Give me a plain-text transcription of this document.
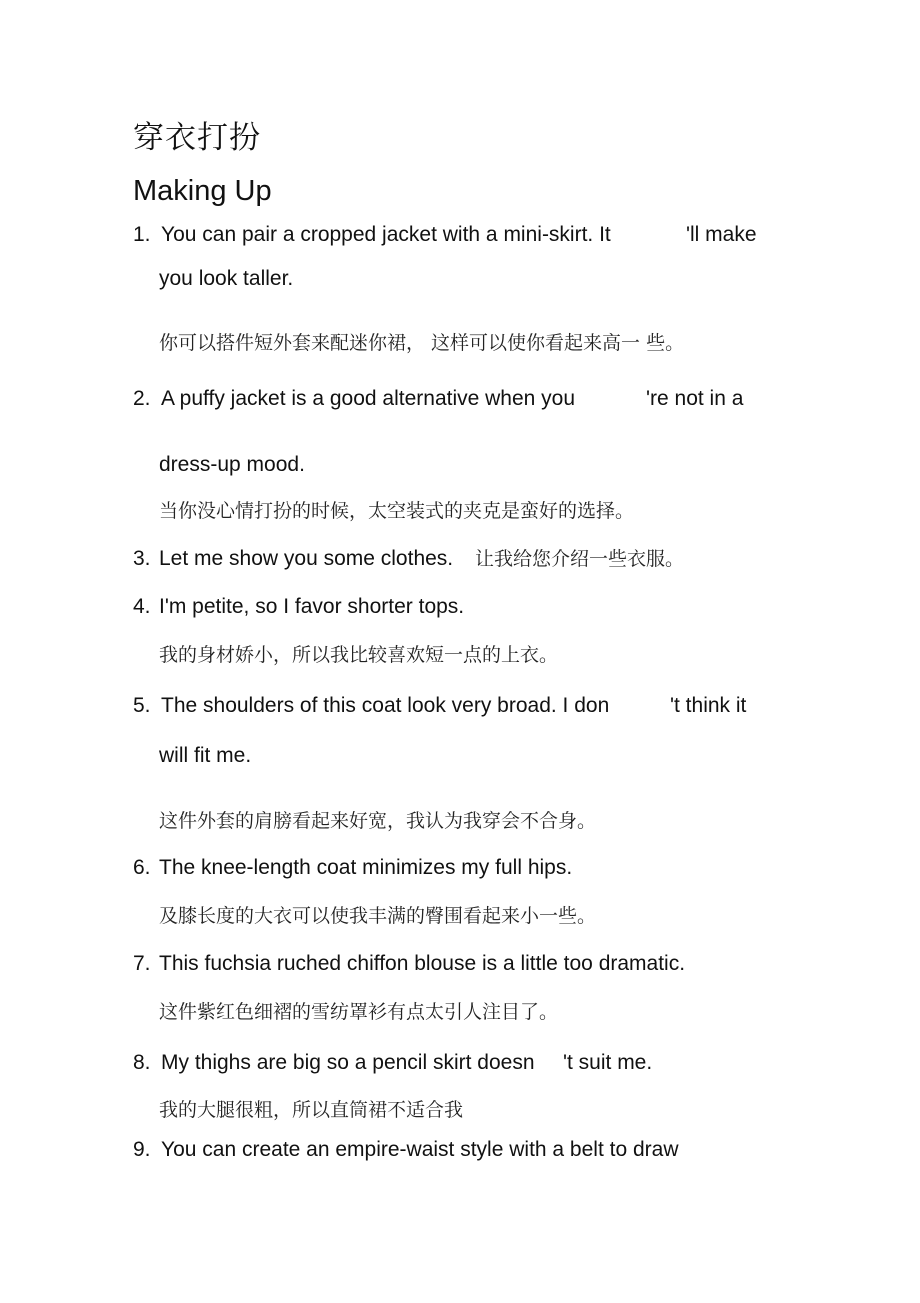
穿衣打扮
Making Up
1. You can pair a cropped jacket with a mini-skirt. It	'll make
you look taller.
你可以搭件短外套来配迷你裙， 这样可以使你看起来高一 些。
2. A puffy jacket is a good alternative when you	're not in a
dress-up mood.
当你没心情打扮的时候，太空装式的夹克是蛮好的选择。
3. Let me show you some clothes. 让我给您介绍一些衣服。
4. I'm petite, so I favor shorter tops.
我的身材娇小，所以我比较喜欢短一点的上衣。
5. The shoulders of this coat look very broad. I don	't think it
will fit me.
这件外套的肩膀看起来好宽，我认为我穿会不合身。
6. The knee-length coat minimizes my full hips.
及膝长度的大衣可以使我丰满的臀围看起来小一些。
7. This fuchsia ruched chiffon blouse is a little too dramatic.
这件紫红色细褶的雪纺罩衫有点太引人注目了。
8. My thighs are big so a pencil skirt doesn 't suit me.
我的大腿很粗，所以直筒裙不适合我
9. You can create an empire-waist style with a belt to draw
